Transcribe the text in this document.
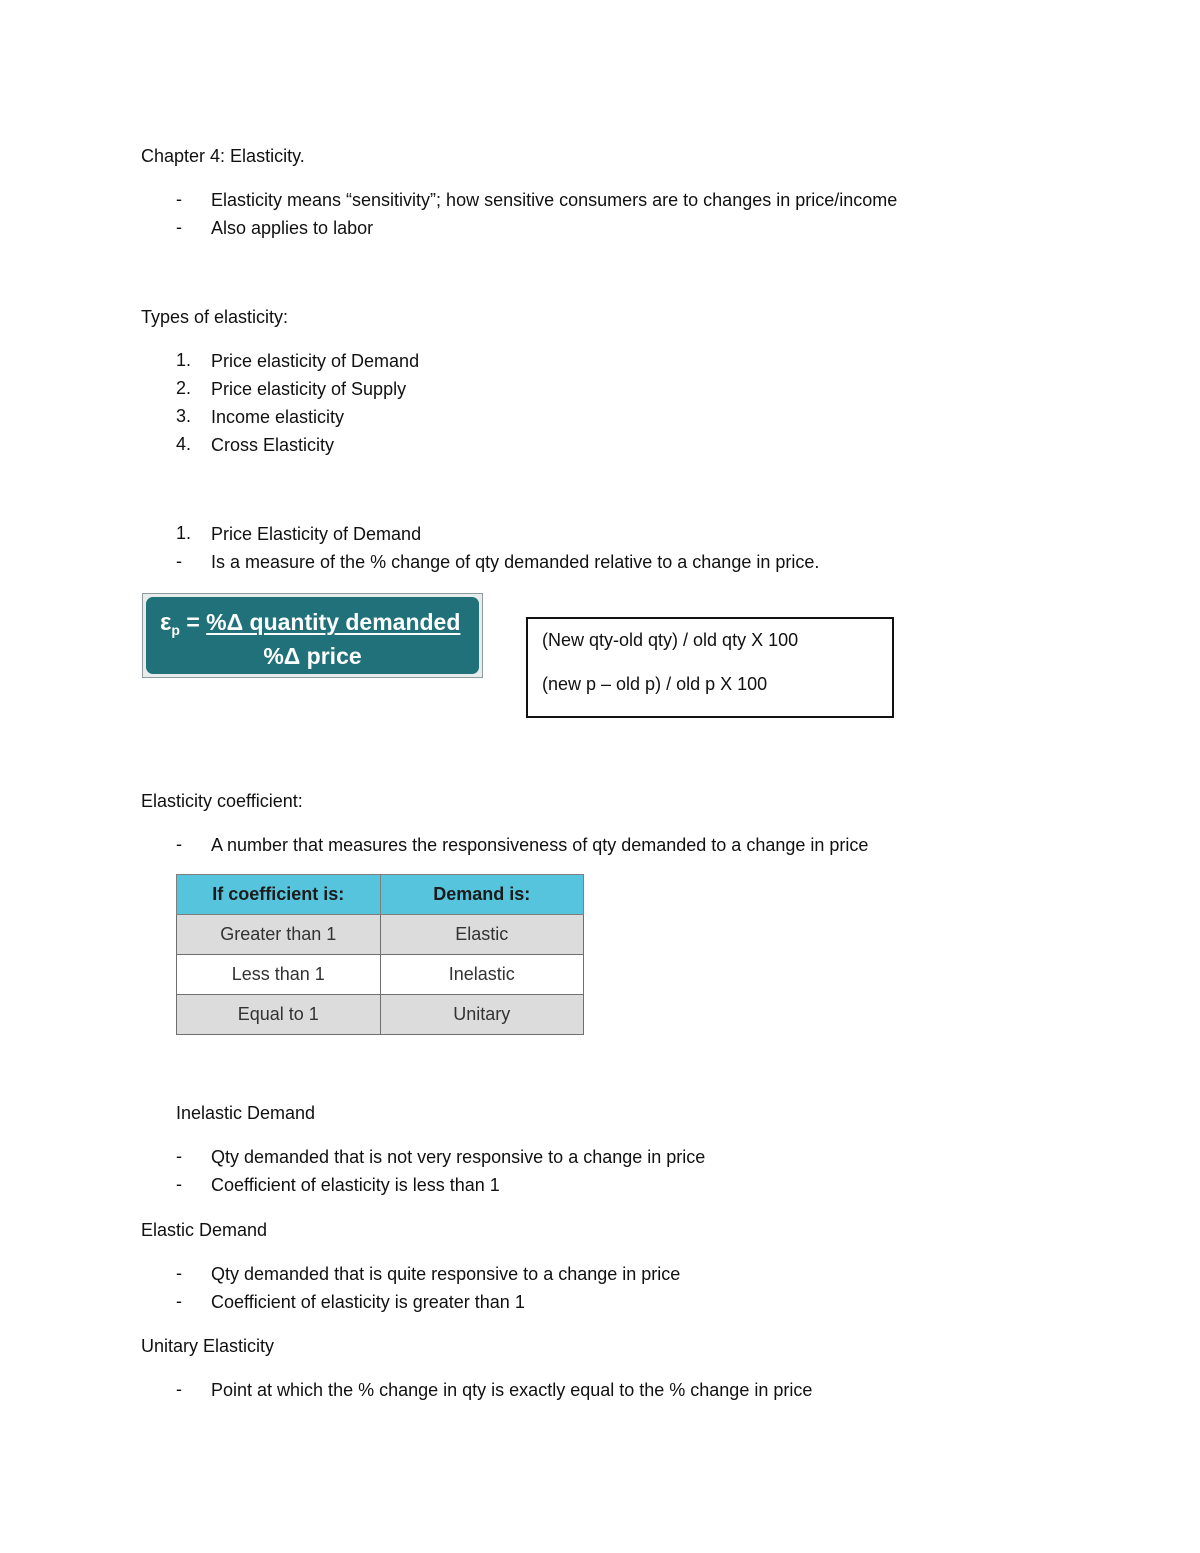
Chapter 4: Elasticity.
-	Elasticity means “sensitivity”; how sensitive consumers are to changes in price/income
-	Also applies to labor
Types of elasticity:
1. Price elasticity of Demand
2. Price elasticity of Supply
3. Income elasticity
4. Cross Elasticity
1. Price Elasticity of Demand
-	Is a measure of the % change of qty demanded relative to a change in price.
$\varepsilon_p = \%\Delta$ quantity demanded
%Δ price
(New qty-old qty) / old qty X 100
(new p – old p) / old p X 100
Elasticity coefficient:
-	A number that measures the responsiveness of qty demanded to a change in price
If coefficient is:	Demand is:
Greater than 1	Elastic
Less than 1	Inelastic
Equal to 1	Unitary
Inelastic Demand
-	Qty demanded that is not very responsive to a change in price
-	Coefficient of elasticity is less than 1
Elastic Demand
-	Qty demanded that is quite responsive to a change in price
-	Coefficient of elasticity is greater than 1
Unitary Elasticity
-	Point at which the % change in qty is exactly equal to the % change in price
